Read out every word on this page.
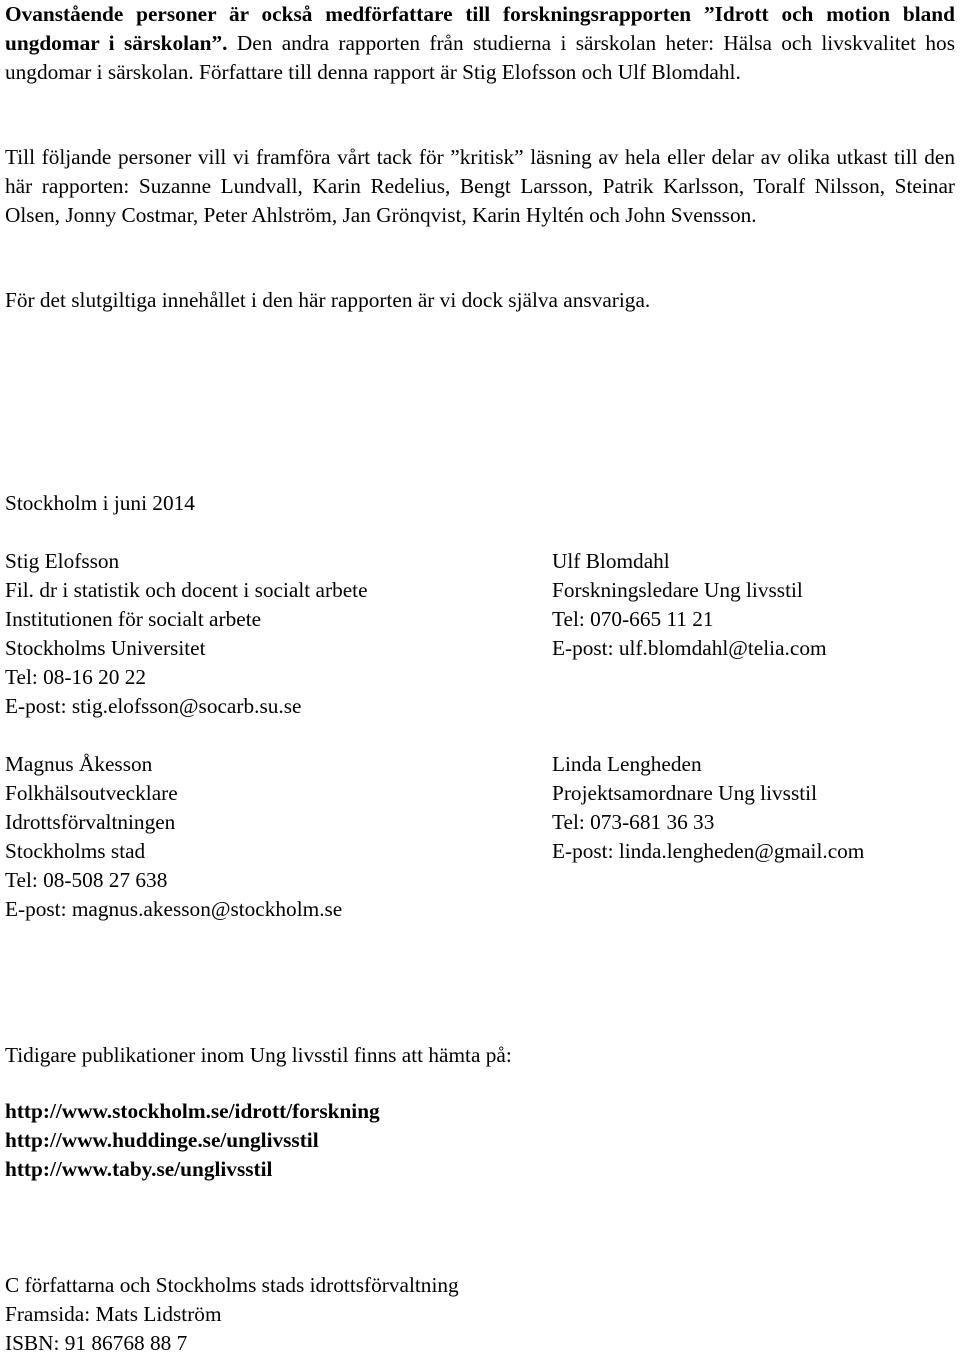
Ovanstående personer är också medförfattare till forskningsrapporten ”Idrott och motion bland ungdomar i särskolan”. Den andra rapporten från studierna i särskolan heter: Hälsa och livskvalitet hos ungdomar i särskolan. Författare till denna rapport är Stig Elofsson och Ulf Blomdahl.

Till följande personer vill vi framföra vårt tack för ”kritisk” läsning av hela eller delar av olika utkast till den här rapporten: Suzanne Lundvall, Karin Redelius, Bengt Larsson, Patrik Karlsson, Toralf Nilsson, Steinar Olsen, Jonny Costmar, Peter Ahlström, Jan Grönqvist, Karin Hyltén och John Svensson.

För det slutgiltiga innehållet i den här rapporten är vi dock själva ansvariga.

Stockholm i juni 2014

Stig Elofsson

Fil. dr i statistik och docent i socialt arbete

Institutionen för socialt arbete

Stockholms Universitet

Tel: 08-16 20 22

E-post: stig.elofsson@socarb.su.se

Ulf Blomdahl

Forskningsledare Ung livsstil

Tel: 070-665 11 21

E-post: ulf.blomdahl@telia.com

Magnus Åkesson

Folkhälsoutvecklare

Idrottsförvaltningen

Stockholms stad

Tel: 08-508 27 638

E-post: magnus.akesson@stockholm.se

Linda Lengheden

Projektsamordnare Ung livsstil

Tel: 073-681 36 33

E-post: linda.lengheden@gmail.com

Tidigare publikationer inom Ung livsstil finns att hämta på:

http://www.stockholm.se/idrott/forskning

http://www.huddinge.se/unglivsstil

http://www.taby.se/unglivsstil

C författarna och Stockholms stads idrottsförvaltning

Framsida: Mats Lidström

ISBN: 91 86768 88 7
